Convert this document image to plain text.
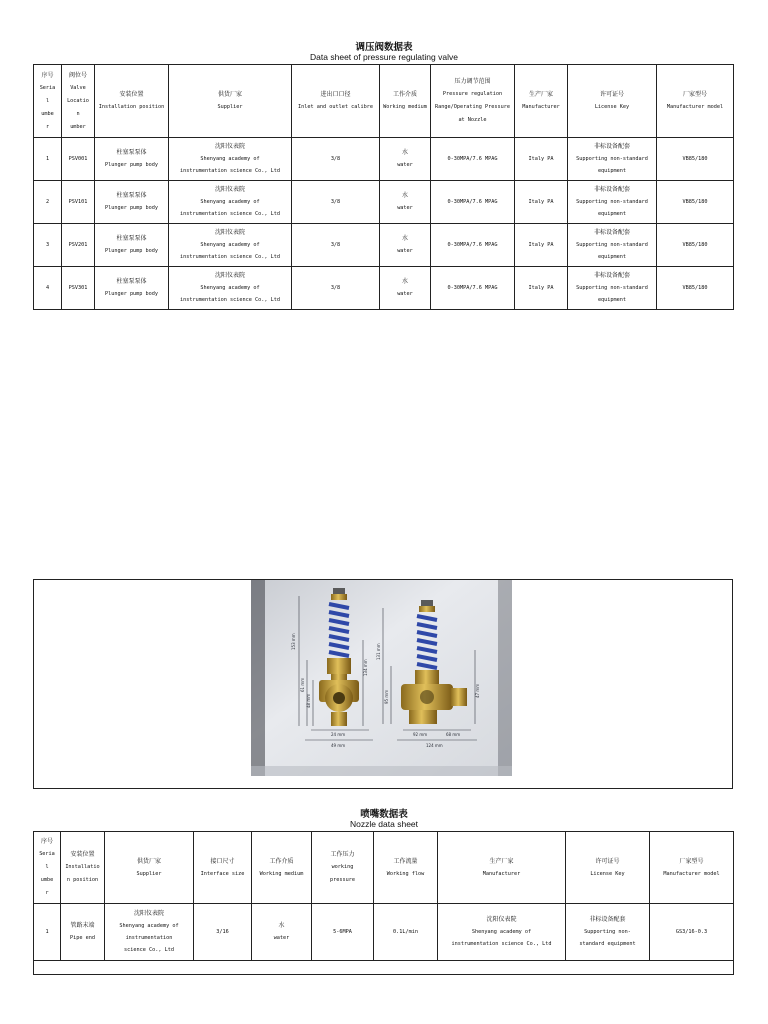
调压阀数据表
Data sheet of pressure regulating valve
序号
Seria
l
umbe
r	阀位号
Valve
Locatio
n
umber	安装位置
Installation position	供货厂家
Supplier	进出口口径
Inlet and outlet calibre	工作介质
Working medium	压力调节范围
Pressure regulation
Range/Operating Pressure
at Nozzle	生产厂家
Manufacturer	许可证号
License Key	厂家型号
Manufacturer model

1	PSV001	柱塞泵泵体
Plunger pump body	沈阳仪表院
Shenyang academy of
instrumentation science Co., Ltd	3/8	水
water	0-30MPA/7.6 MPAG	Italy PA	非标设备配套
Supporting non-standard
equipment	VB85/180
2	PSV101	柱塞泵泵体
Plunger pump body	沈阳仪表院
Shenyang academy of
instrumentation science Co., Ltd	3/8	水
water	0-30MPA/7.6 MPAG	Italy PA	非标设备配套
Supporting non-standard
equipment	VB85/180
3	PSV201	柱塞泵泵体
Plunger pump body	沈阳仪表院
Shenyang academy of
instrumentation science Co., Ltd	3/8	水
water	0-30MPA/7.6 MPAG	Italy PA	非标设备配套
Supporting non-standard
equipment	VB85/180
4	PSV301	柱塞泵泵体
Plunger pump body	沈阳仪表院
Shenyang academy of
instrumentation science Co., Ltd	3/8	水
water	0-30MPA/7.6 MPAG	Italy PA	非标设备配套
Supporting non-standard
equipment	VB85/180
153 mm
61 mm
48 mm
134 mm
24 mm
49 mm
131 mm
95 mm	47 mm
92 mm
124 mm
68 mm
喷嘴数据表
Nozzle data sheet
序号
Seria
l
umbe
r	安装位置
Installatio
n position	供货厂家
Supplier	接口尺寸
Interface size	工作介质
Working medium	工作压力
working
pressure	工作流量
Working flow	生产厂家
Manufacturer	许可证号
License Key	厂家型号
Manufacturer model

1	管路末端
Pipe end	沈阳仪表院
Shenyang academy of
instrumentation
science Co., Ltd	3/16	水
water	5-6MPA	0.1L/min	沈阳仪表院
Shenyang academy of
instrumentation science Co., Ltd	非标设备配套
Supporting non-
standard equipment	GS3/16-0.3
